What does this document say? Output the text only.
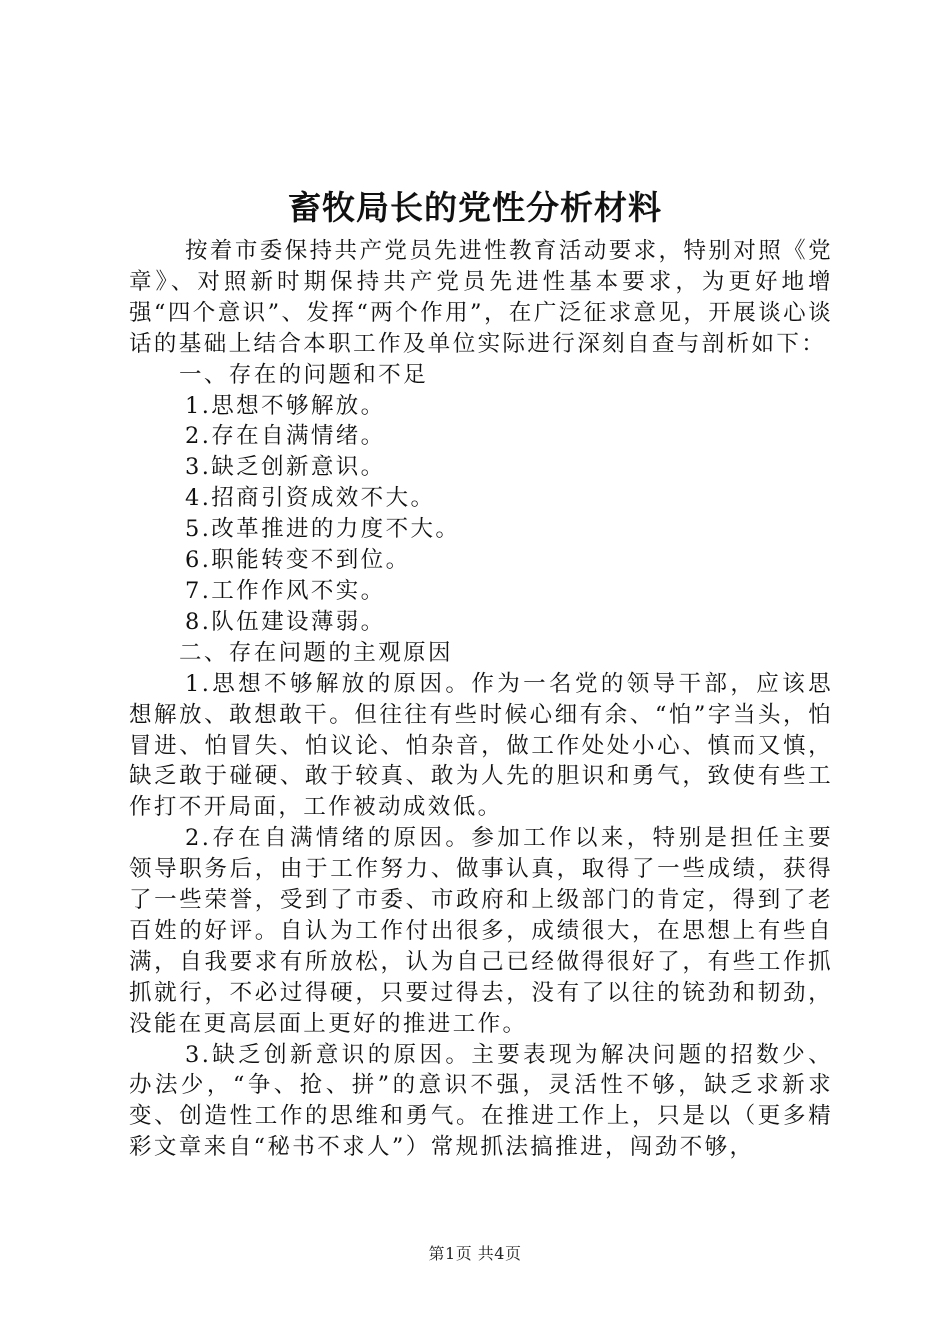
畜牧局长的党性分析材料

按着市委保持共产党员先进性教育活动要求，特别对照《党章》、对照新时期保持共产党员先进性基本要求，为更好地增强“四个意识”、发挥“两个作用”，在广泛征求意见，开展谈心谈话的基础上结合本职工作及单位实际进行深刻自查与剖析如下：

一、存在的问题和不足

1.思想不够解放。

2.存在自满情绪。

3.缺乏创新意识。

4.招商引资成效不大。

5.改革推进的力度不大。

6.职能转变不到位。

7.工作作风不实。

8.队伍建设薄弱。

二、存在问题的主观原因

1.思想不够解放的原因。作为一名党的领导干部，应该思想解放、敢想敢干。但往往有些时候心细有余、“怕”字当头，怕冒进、怕冒失、怕议论、怕杂音，做工作处处小心、慎而又慎，缺乏敢于碰硬、敢于较真、敢为人先的胆识和勇气，致使有些工作打不开局面，工作被动成效低。

2.存在自满情绪的原因。参加工作以来，特别是担任主要领导职务后，由于工作努力、做事认真，取得了一些成绩，获得了一些荣誉，受到了市委、市政府和上级部门的肯定，得到了老百姓的好评。自认为工作付出很多，成绩很大，在思想上有些自满，自我要求有所放松，认为自己已经做得很好了，有些工作抓抓就行，不必过得硬，只要过得去，没有了以往的铳劲和韧劲，没能在更高层面上更好的推进工作。

3.缺乏创新意识的原因。主要表现为解决问题的招数少、办法少，“争、抢、拼”的意识不强，灵活性不够，缺乏求新求变、创造性工作的思维和勇气。在推进工作上，只是以（更多精彩文章来自“秘书不求人”）常规抓法搞推进，闯劲不够，

第1页 共4页
